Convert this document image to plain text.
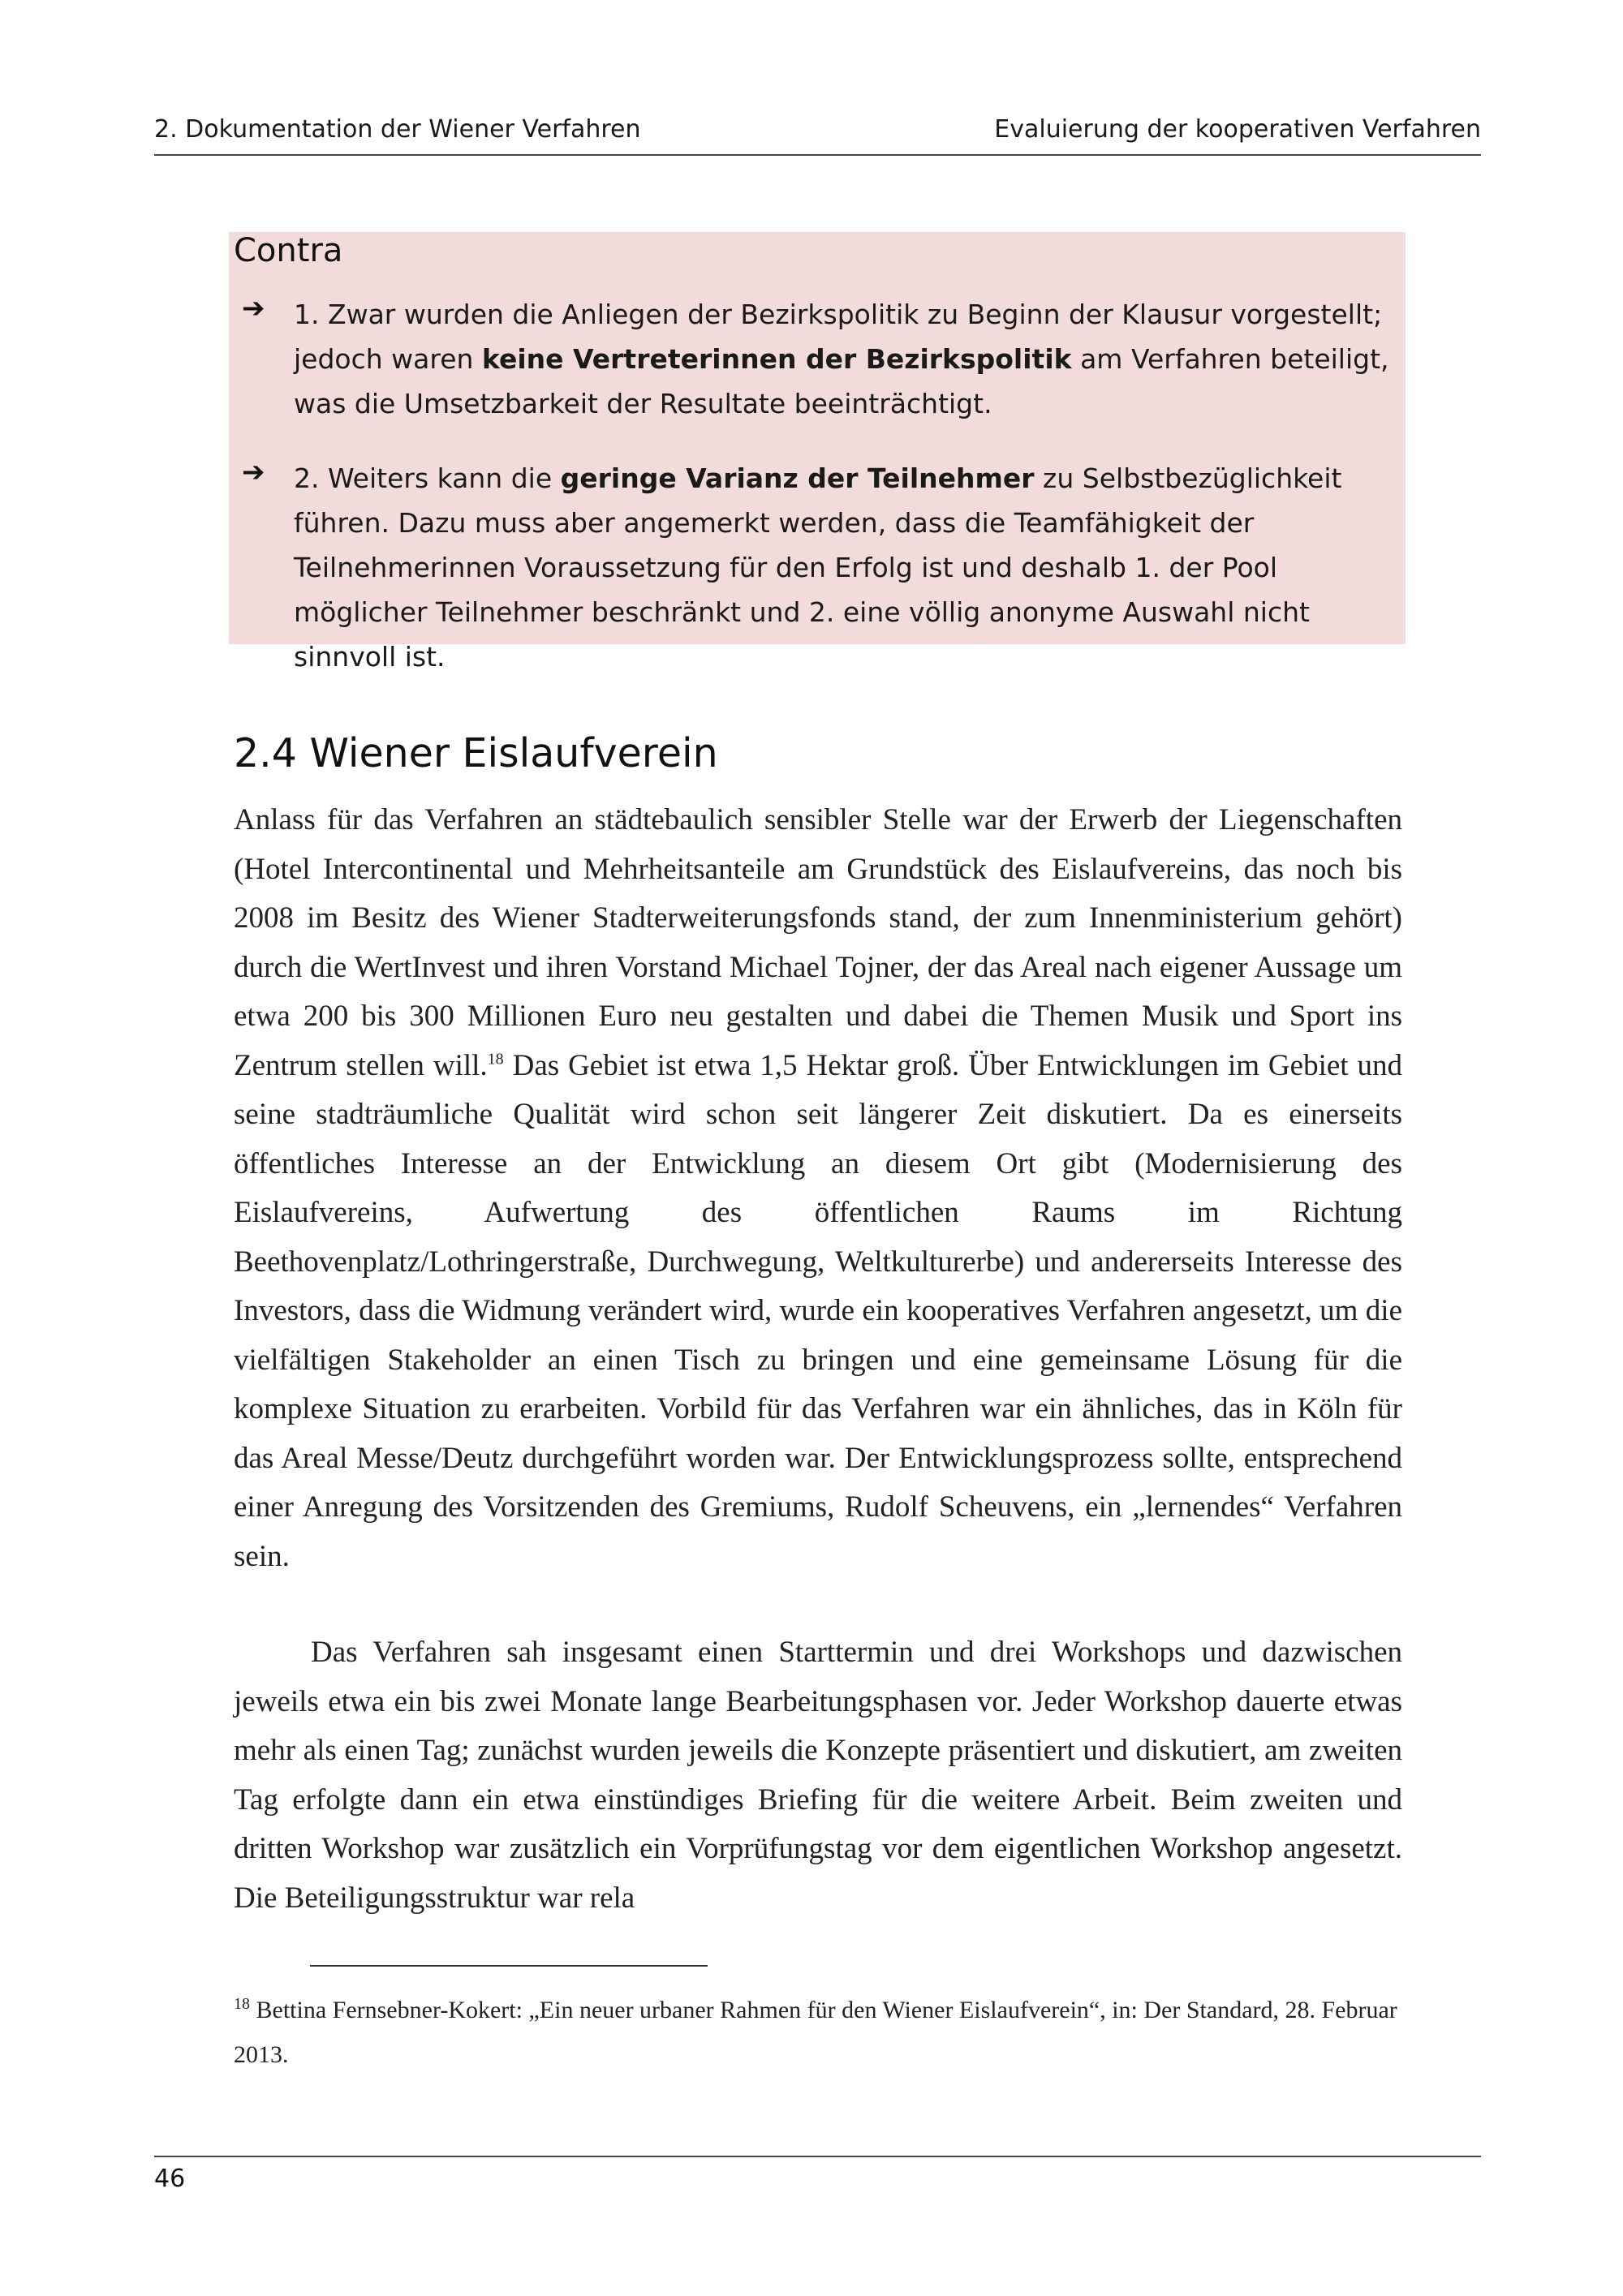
2. Dokumentation der Wiener Verfahren	Evaluierung der kooperativen Verfahren
Contra
➔ 1. Zwar wurden die Anliegen der Bezirkspolitik zu Beginn der Klausur vorgestellt; jedoch waren keine Vertreterinnen der Bezirkspolitik am Verfahren beteiligt, was die Umsetzbarkeit der Resultate beeinträchtigt.

➔ 2. Weiters kann die geringe Varianz der Teilnehmer zu Selbstbezüglichkeit führen. Dazu muss aber angemerkt werden, dass die Teamfähigkeit der Teilnehmerinnen Voraussetzung für den Erfolg ist und deshalb 1. der Pool möglicher Teilnehmer beschränkt und 2. eine völlig anonyme Auswahl nicht sinnvoll ist.

2.4 Wiener Eislaufverein

Anlass für das Verfahren an städtebaulich sensibler Stelle war der Erwerb der Liegenschaften (Hotel Intercontinental und Mehrheitsanteile am Grundstück des Eislaufvereins, das noch bis 2008 im Besitz des Wiener Stadterweiterungsfonds stand, der zum Innenministerium gehört) durch die WertInvest und ihren Vorstand Michael Tojner, der das Areal nach eigener Aussage um etwa 200 bis 300 Millionen Euro neu gestalten und dabei die Themen Musik und Sport ins Zentrum stellen will.$^{18}$ Das Gebiet ist etwa 1,5 Hektar groß. Über Entwicklungen im Gebiet und seine stadträumliche Qualität wird schon seit längerer Zeit diskutiert. Da es einerseits öffentliches Interesse an der Entwicklung an diesem Ort gibt (Modernisierung des Eislaufvereins, Aufwertung des öffentlichen Raums im Richtung Beethovenplatz/Lothringerstraße, Durchwegung, Weltkulturerbe) und andererseits Interesse des Investors, dass die Widmung verändert wird, wurde ein kooperatives Verfahren angesetzt, um die vielfältigen Stakeholder an einen Tisch zu bringen und eine gemeinsame Lösung für die komplexe Situation zu erarbeiten. Vorbild für das Verfahren war ein ähnliches, das in Köln für das Areal Messe/Deutz durchgeführt worden war. Der Entwicklungsprozess sollte, entsprechend einer Anregung des Vorsitzenden des Gremiums, Rudolf Scheuvens, ein „lernendes“ Verfahren sein.

Das Verfahren sah insgesamt einen Starttermin und drei Workshops und dazwischen jeweils etwa ein bis zwei Monate lange Bearbeitungsphasen vor. Jeder Workshop dauerte etwas mehr als einen Tag; zunächst wurden jeweils die Konzepte präsentiert und diskutiert, am zweiten Tag erfolgte dann ein etwa einstündiges Briefing für die weitere Arbeit. Beim zweiten und dritten Workshop war zusätzlich ein Vorprüfungstag vor dem eigentlichen Workshop angesetzt. Die Beteiligungsstruktur war rela

$^{18}$ Bettina Fernsebner-Kokert: „Ein neuer urbaner Rahmen für den Wiener Eislaufverein“, in: Der Standard, 28. Februar 2013.

46
